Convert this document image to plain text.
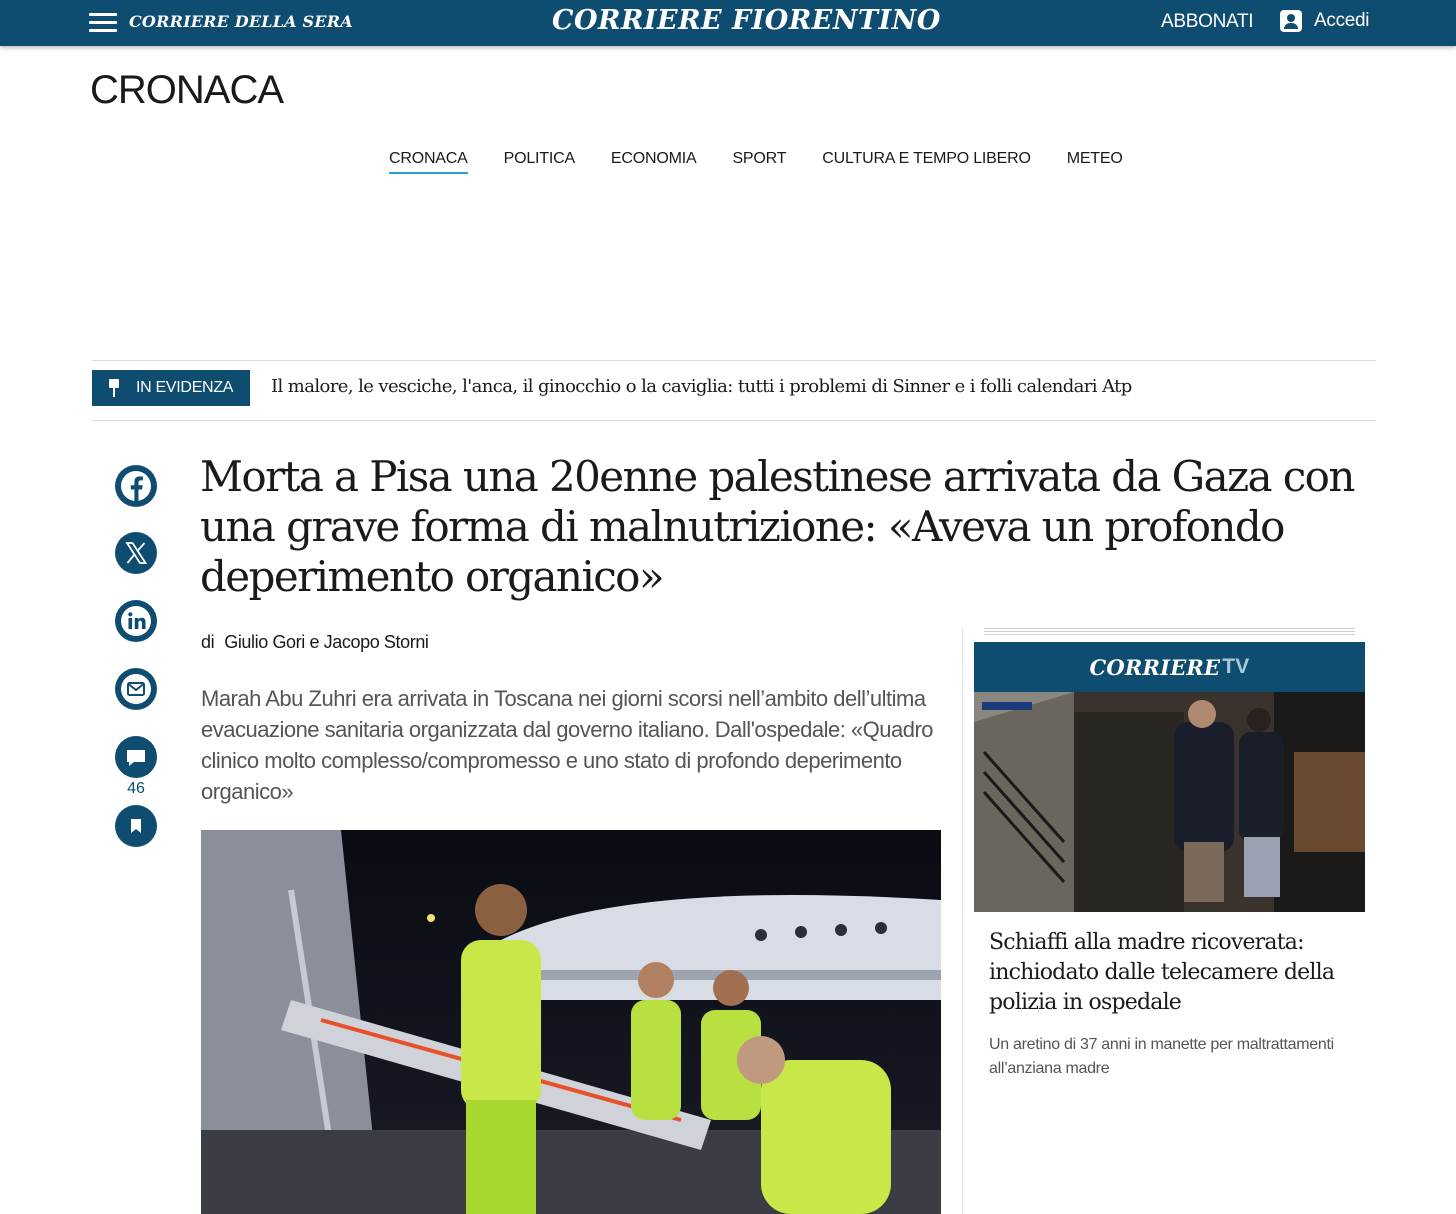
CORRIERE DELLA SERA	CORRIERE FIORENTINO	ABBONATI	Accedi
CRONACA
CRONACA POLITICA ECONOMIA SPORT CULTURA E TEMPO LIBERO METEO
IN EVIDENZA Il malore, le vesciche, l'anca, il ginocchio o la caviglia: tutti i problemi di Sinner e i folli calendari Atp
46
Morta a Pisa una 20enne palestinese arrivata da Gaza con una grave forma di malnutrizione: «Aveva un profondo deperimento organico»
di Giulio Gori e Jacopo Storni

Marah Abu Zuhri era arrivata in Toscana nei giorni scorsi nell’ambito dell’ultima evacuazione sanitaria organizzata dal governo italiano. Dall'ospedale: «Quadro clinico molto complesso/compromesso e uno stato di profondo deperimento organico»

CORRIERE TV
Schiaffi alla madre ricoverata: inchiodato dalle telecamere della polizia in ospedale
Un aretino di 37 anni in manette per maltrattamenti all’anziana madre
